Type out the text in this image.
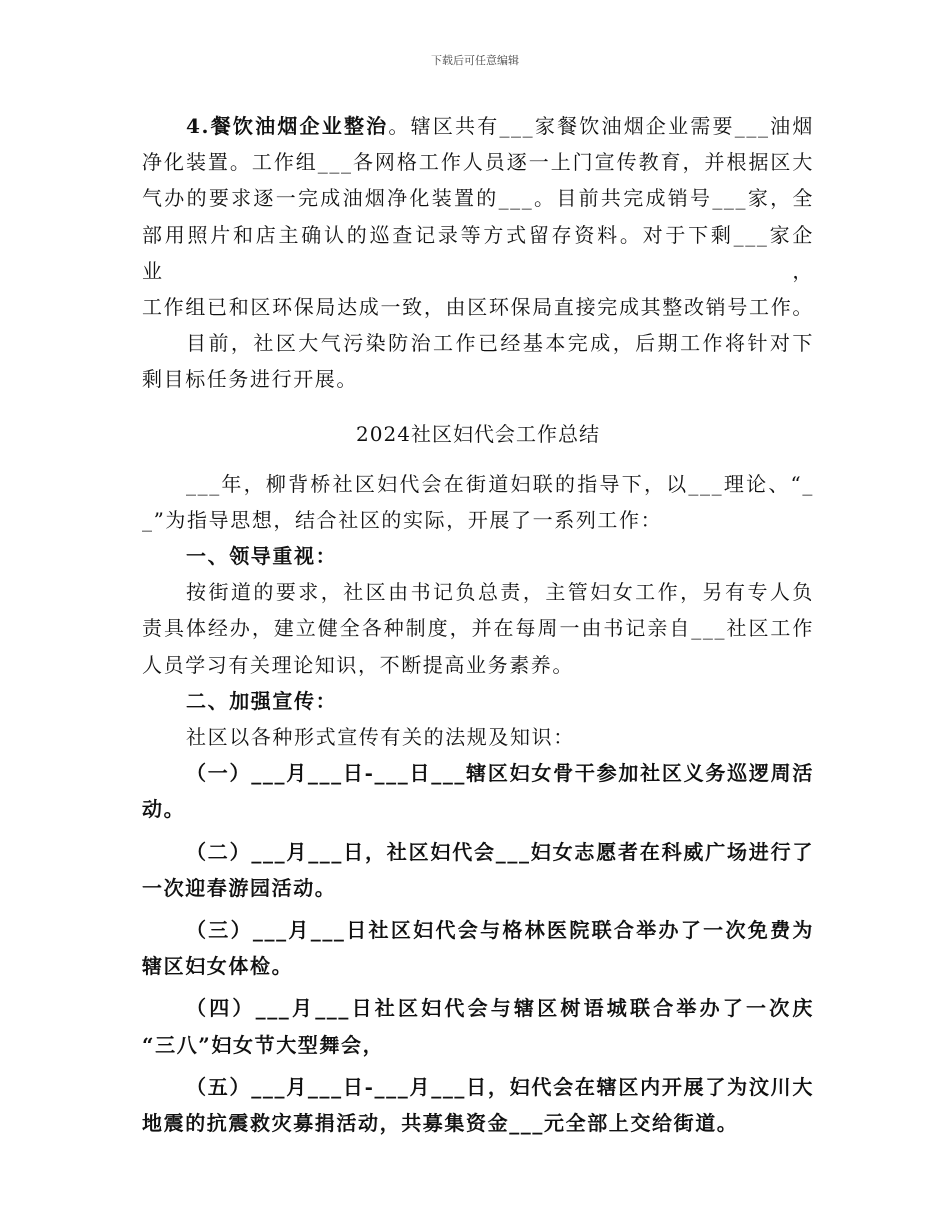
下载后可任意编辑

4.餐饮油烟企业整治。辖区共有___家餐饮油烟企业需要___油烟

净化装置。工作组___各网格工作人员逐一上门宣传教育，并根据区大

气办的要求逐一完成油烟净化装置的___。目前共完成销号___家，全

部用照片和店主确认的巡查记录等方式留存资料。对于下剩___家企业，

工作组已和区环保局达成一致，由区环保局直接完成其整改销号工作。

目前，社区大气污染防治工作已经基本完成，后期工作将针对下

剩目标任务进行开展。

2024社区妇代会工作总结

___年，柳背桥社区妇代会在街道妇联的指导下，以___理论、“_

_”为指导思想，结合社区的实际，开展了一系列工作：

一、领导重视：

按街道的要求，社区由书记负总责，主管妇女工作，另有专人负

责具体经办，建立健全各种制度，并在每周一由书记亲自___社区工作

人员学习有关理论知识，不断提高业务素养。

二、加强宣传：

社区以各种形式宣传有关的法规及知识：

（一）___月___日-___日___辖区妇女骨干参加社区义务巡逻周活

动。

（二）___月___日，社区妇代会___妇女志愿者在科威广场进行了

一次迎春游园活动。

（三）___月___日社区妇代会与格林医院联合举办了一次免费为

辖区妇女体检。

（四）___月___日社区妇代会与辖区树语城联合举办了一次庆

“三八”妇女节大型舞会，

（五）___月___日-___月___日，妇代会在辖区内开展了为汶川大

地震的抗震救灾募捐活动，共募集资金___元全部上交给街道。
